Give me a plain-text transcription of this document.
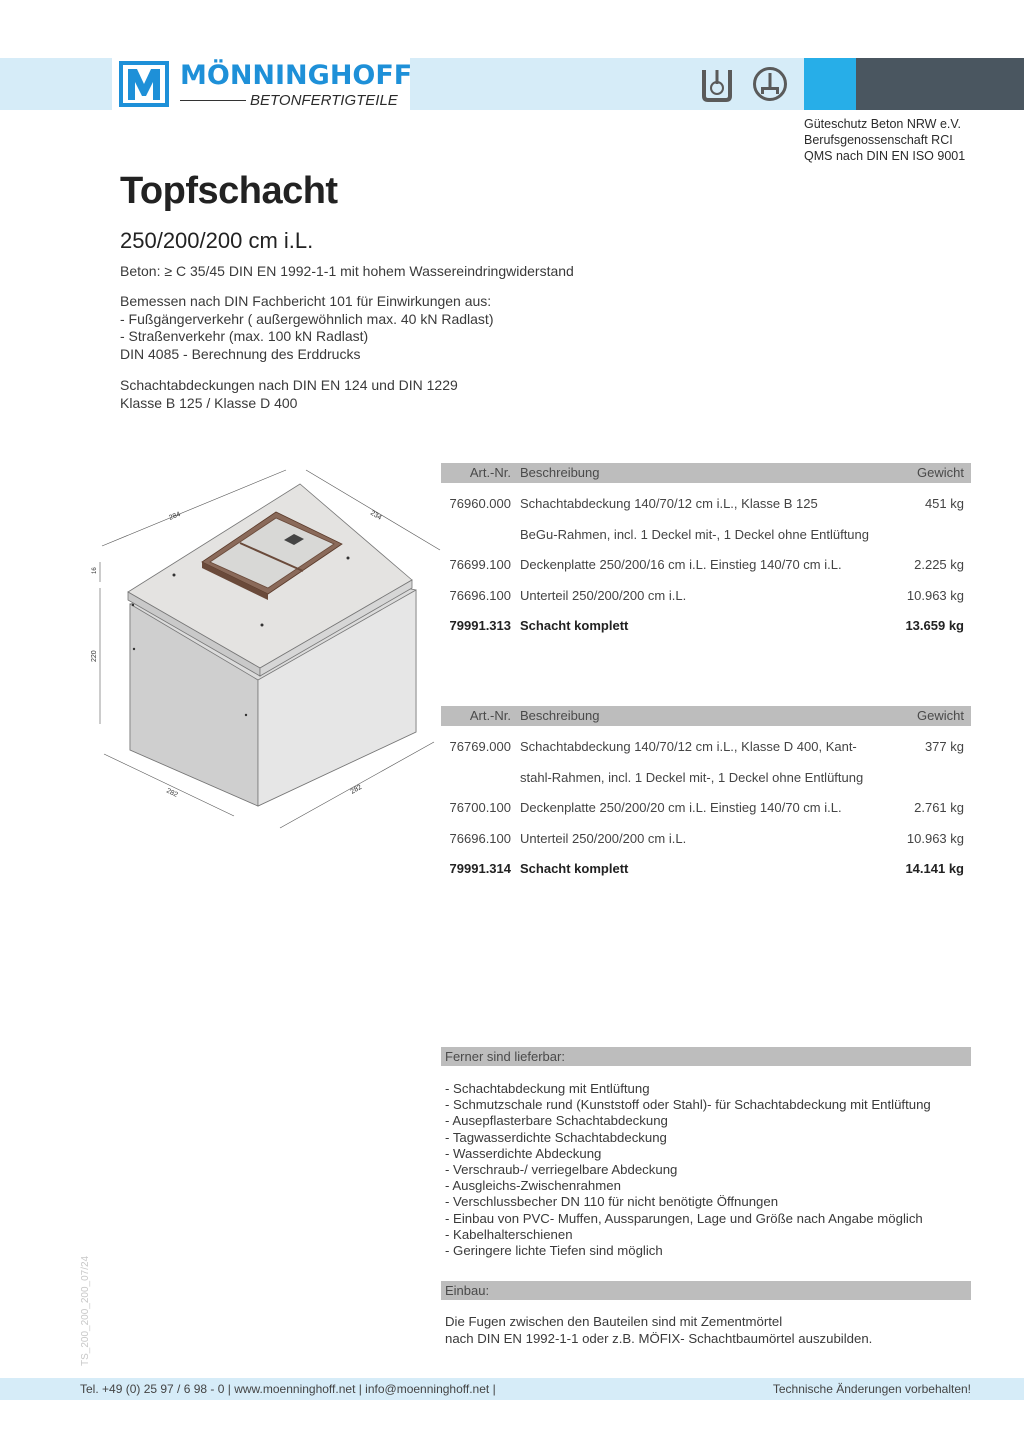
MÖNNINGHOFF
BETONFERTIGTEILE
Güteschutz Beton NRW e.V.
Berufsgenossenschaft RCI
QMS nach DIN EN ISO 9001
Topfschacht
250/200/200 cm i.L.
Beton: ≥ C 35/45 DIN EN 1992-1-1 mit hohem Wassereindringwiderstand
Bemessen nach DIN Fachbericht 101 für Einwirkungen aus:
- Fußgängerverkehr ( außergewöhnlich max. 40 kN Radlast)
- Straßenverkehr (max. 100 kN Radlast)
DIN 4085 - Berechnung des Erddrucks
Schachtabdeckungen nach DIN EN 124 und DIN 1229
Klasse B 125 / Klasse D 400
284	234
16
220
282	282
Art.-Nr. Beschreibung	Gewicht
76960.000 Schachtabdeckung 140/70/12 cm i.L., Klasse B 125	451 kg
BeGu-Rahmen, incl. 1 Deckel mit-, 1 Deckel ohne Entlüftung
76699.100 Deckenplatte 250/200/16 cm i.L. Einstieg 140/70 cm i.L.	2.225 kg
76696.100 Unterteil 250/200/200 cm i.L.	10.963 kg
79991.313 Schacht komplett	13.659 kg
Art.-Nr. Beschreibung	Gewicht
76769.000 Schachtabdeckung 140/70/12 cm i.L., Klasse D 400, Kant-	377 kg
stahl-Rahmen, incl. 1 Deckel mit-, 1 Deckel ohne Entlüftung
76700.100 Deckenplatte 250/200/20 cm i.L. Einstieg 140/70 cm i.L.	2.761 kg
76696.100 Unterteil 250/200/200 cm i.L.	10.963 kg
79991.314 Schacht komplett	14.141 kg
Ferner sind lieferbar:
- Schachtabdeckung mit Entlüftung
- Schmutzschale rund (Kunststoff oder Stahl)- für Schachtabdeckung mit Entlüftung
- Ausepflasterbare Schachtabdeckung
- Tagwasserdichte Schachtabdeckung
- Wasserdichte Abdeckung
- Verschraub-/ verriegelbare Abdeckung
- Ausgleichs-Zwischenrahmen
- Verschlussbecher DN 110 für nicht benötigte Öffnungen
- Einbau von PVC- Muffen, Aussparungen, Lage und Größe nach Angabe möglich
- Kabelhalterschienen
- Geringere lichte Tiefen sind möglich
Einbau:
Die Fugen zwischen den Bauteilen sind mit Zementmörtel
nach DIN EN 1992-1-1 oder z.B. MÖFIX- Schachtbaumörtel auszubilden.
TS_200_200_200_07/24
Tel. +49 (0) 25 97 / 6 98 - 0 | www.moenninghoff.net | info@moenninghoff.net |	Technische Änderungen vorbehalten!
